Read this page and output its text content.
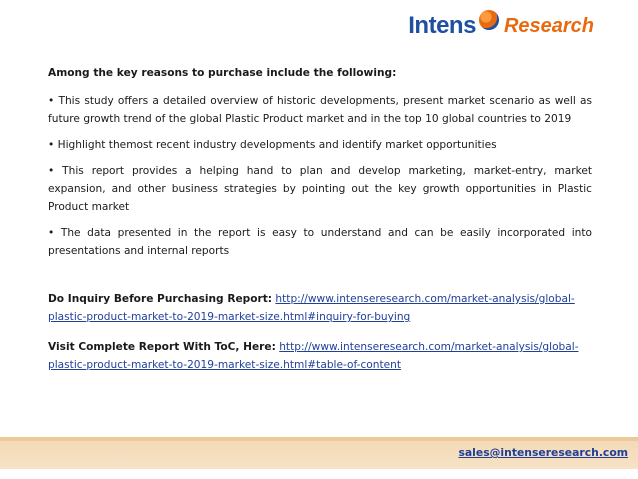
Intens Research

Among the key reasons to purchase include the following:

• This study offers a detailed overview of historic developments, present market scenario as well as future growth trend of the global Plastic Product market and in the top 10 global countries to 2019

• Highlight themost recent industry developments and identify market opportunities

• This report provides a helping hand to plan and develop marketing, market-entry, market expansion, and other business strategies by pointing out the key growth opportunities in Plastic Product market

• The data presented in the report is easy to understand and can be easily incorporated into presentations and internal reports

Do Inquiry Before Purchasing Report: http://www.intenseresearch.com/market-analysis/global-plastic-product-market-to-2019-market-size.html#inquiry-for-buying

Visit Complete Report With ToC, Here: http://www.intenseresearch.com/market-analysis/global-plastic-product-market-to-2019-market-size.html#table-of-content

sales@intenseresearch.com
